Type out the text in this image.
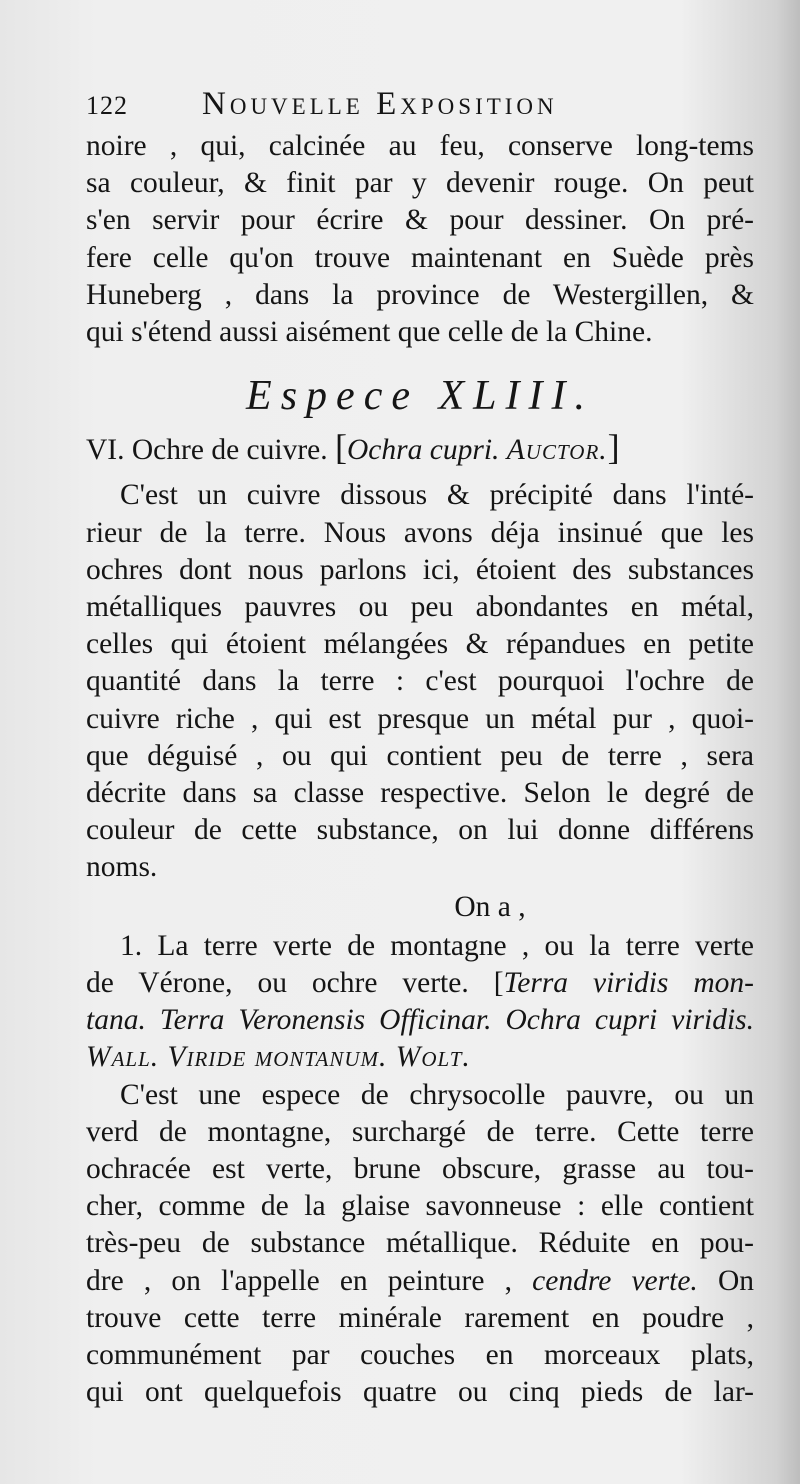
122	Nouvelle Exposition
noire , qui, calcinée au feu, conserve long-tems
sa couleur, & finit par y devenir rouge. On peut
s'en servir pour écrire & pour dessiner. On pré-
fere celle qu'on trouve maintenant en Suède près
Huneberg , dans la province de Westergillen, &
qui s'étend aussi aisément que celle de la Chine.
Espece XLIII.
VI. Ochre de cuivre. [Ochra cupri. Auctor.]
C'est un cuivre dissous & précipité dans l'inté-
rieur de la terre. Nous avons déja insinué que les
ochres dont nous parlons ici, étoient des substances
métalliques pauvres ou peu abondantes en métal,
celles qui étoient mélangées & répandues en petite
quantité dans la terre : c'est pourquoi l'ochre de
cuivre riche , qui est presque un métal pur , quoi-
que déguisé , ou qui contient peu de terre , sera
décrite dans sa classe respective. Selon le degré de
couleur de cette substance, on lui donne différens
noms.
On a ,
1. La terre verte de montagne , ou la terre verte
de Vérone, ou ochre verte. [Terra viridis mon-
tana. Terra Veronensis Officinar. Ochra cupri viridis.
Wall. Viride montanum. Wolt.
C'est une espece de chrysocolle pauvre, ou un
verd de montagne, surchargé de terre. Cette terre
ochracée est verte, brune obscure, grasse au tou-
cher, comme de la glaise savonneuse : elle contient
très-peu de substance métallique. Réduite en pou-
dre , on l'appelle en peinture , cendre verte. On
trouve cette terre minérale rarement en poudre ,
communément par couches en morceaux plats,
qui ont quelquefois quatre ou cinq pieds de lar-
